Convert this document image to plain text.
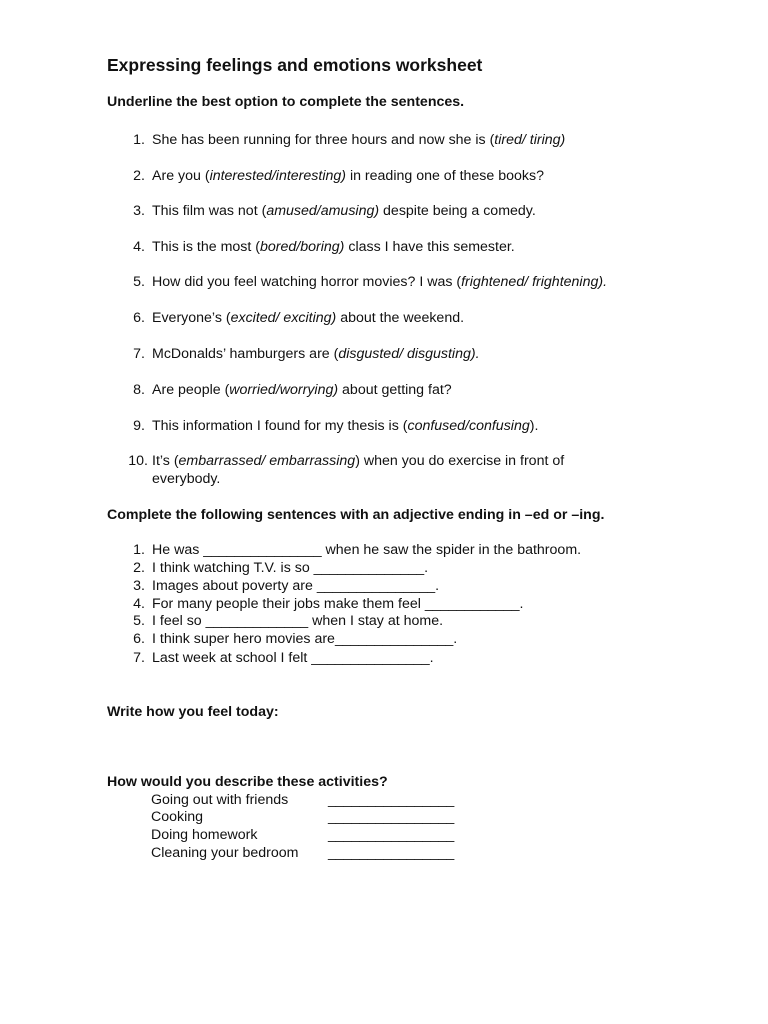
Expressing feelings and emotions worksheet
Underline the best option to complete the sentences.
1. She has been running for three hours and now she is (tired/ tiring)
2. Are you (interested/interesting) in reading one of these books?
3. This film was not (amused/amusing) despite being a comedy.
4. This is the most (bored/boring) class I have this semester.
5. How did you feel watching horror movies? I was (frightened/ frightening).
6. Everyone’s (excited/ exciting) about the weekend.
7. McDonalds’ hamburgers are (disgusted/ disgusting).
8. Are people (worried/worrying) about getting fat?
9. This information I found for my thesis is (confused/confusing).
10. It’s (embarrassed/ embarrassing) when you do exercise in front of
everybody.
Complete the following sentences with an adjective ending in –ed or –ing.
1. He was _______________ when he saw the spider in the bathroom.
2. I think watching T.V. is so ______________.
3. Images about poverty are _______________.
4. For many people their jobs make them feel ____________.
5. I feel so _____________ when I stay at home.
6. I think super hero movies are_______________.
7. Last week at school I felt _______________.
Write how you feel today:
How would you describe these activities?
Going out with friends	________________
Cooking	________________
Doing homework	________________
Cleaning your bedroom ________________
